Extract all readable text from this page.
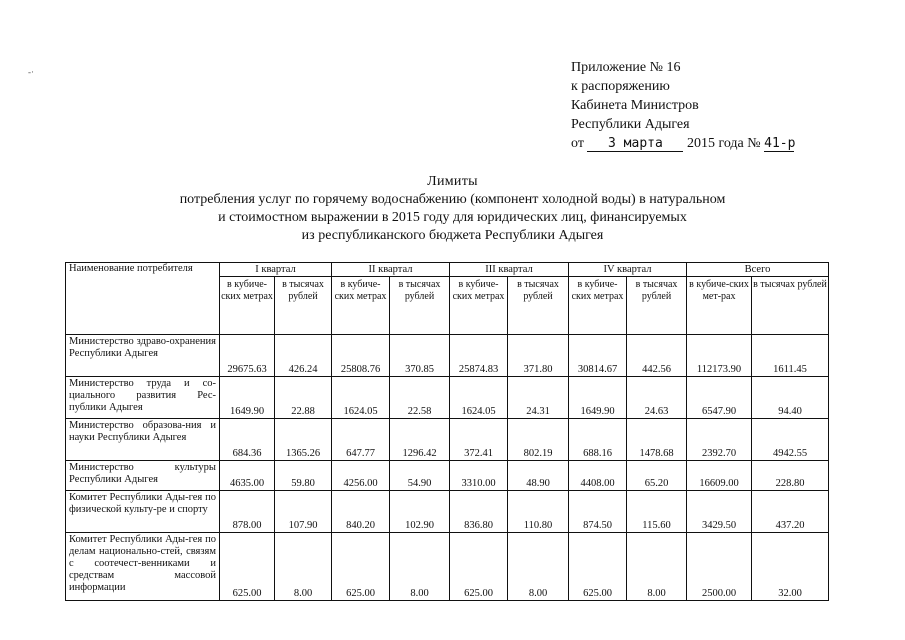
-·	Приложение № 16
к распоряжению
Кабинета Министров
Республики Адыгея
от 3 марта 2015 года № 41-р
Лимиты
потребления услуг по горячему водоснабжению (компонент холодной воды) в натуральном
и стоимостном выражении в 2015 году для юридических лиц, финансируемых
из республиканского бюджета Республики Адыгея
Наименование потребителя	I квартал		II квартал		III квартал		IV квартал		Всего	
	в кубиче-ских метрах	в тысячах рублей	в кубиче-ских метрах	в тысячах рублей	в кубиче-ских метрах	в тысячах рублей	в кубиче-ских метрах	в тысячах рублей	в кубиче-ских мет-рах	в тысячах рублей
Министерство здраво-охранения Республики Адыгея	29675.63	426.24	25808.76	370.85	25874.83	371.80	30814.67	442.56	112173.90	1611.45
Министерство труда и со-циального развития Рес-публики Адыгея	1649.90	22.88	1624.05	22.58	1624.05	24.31	1649.90	24.63	6547.90	94.40
Министерство образова-ния и науки Республики Адыгея	684.36	1365.26	647.77	1296.42	372.41	802.19	688.16	1478.68	2392.70	4942.55
Министерство культуры Республики Адыгея	4635.00	59.80	4256.00	54.90	3310.00	48.90	4408.00	65.20	16609.00	228.80
Комитет Республики Ады-гея по физической культу-ре и спорту	878.00	107.90	840.20	102.90	836.80	110.80	874.50	115.60	3429.50	437.20
Комитет Республики Ады-гея по делам национально-стей, связям с соотечест-венниками и средствам массовой информации	625.00	8.00	625.00	8.00	625.00	8.00	625.00	8.00	2500.00	32.00
